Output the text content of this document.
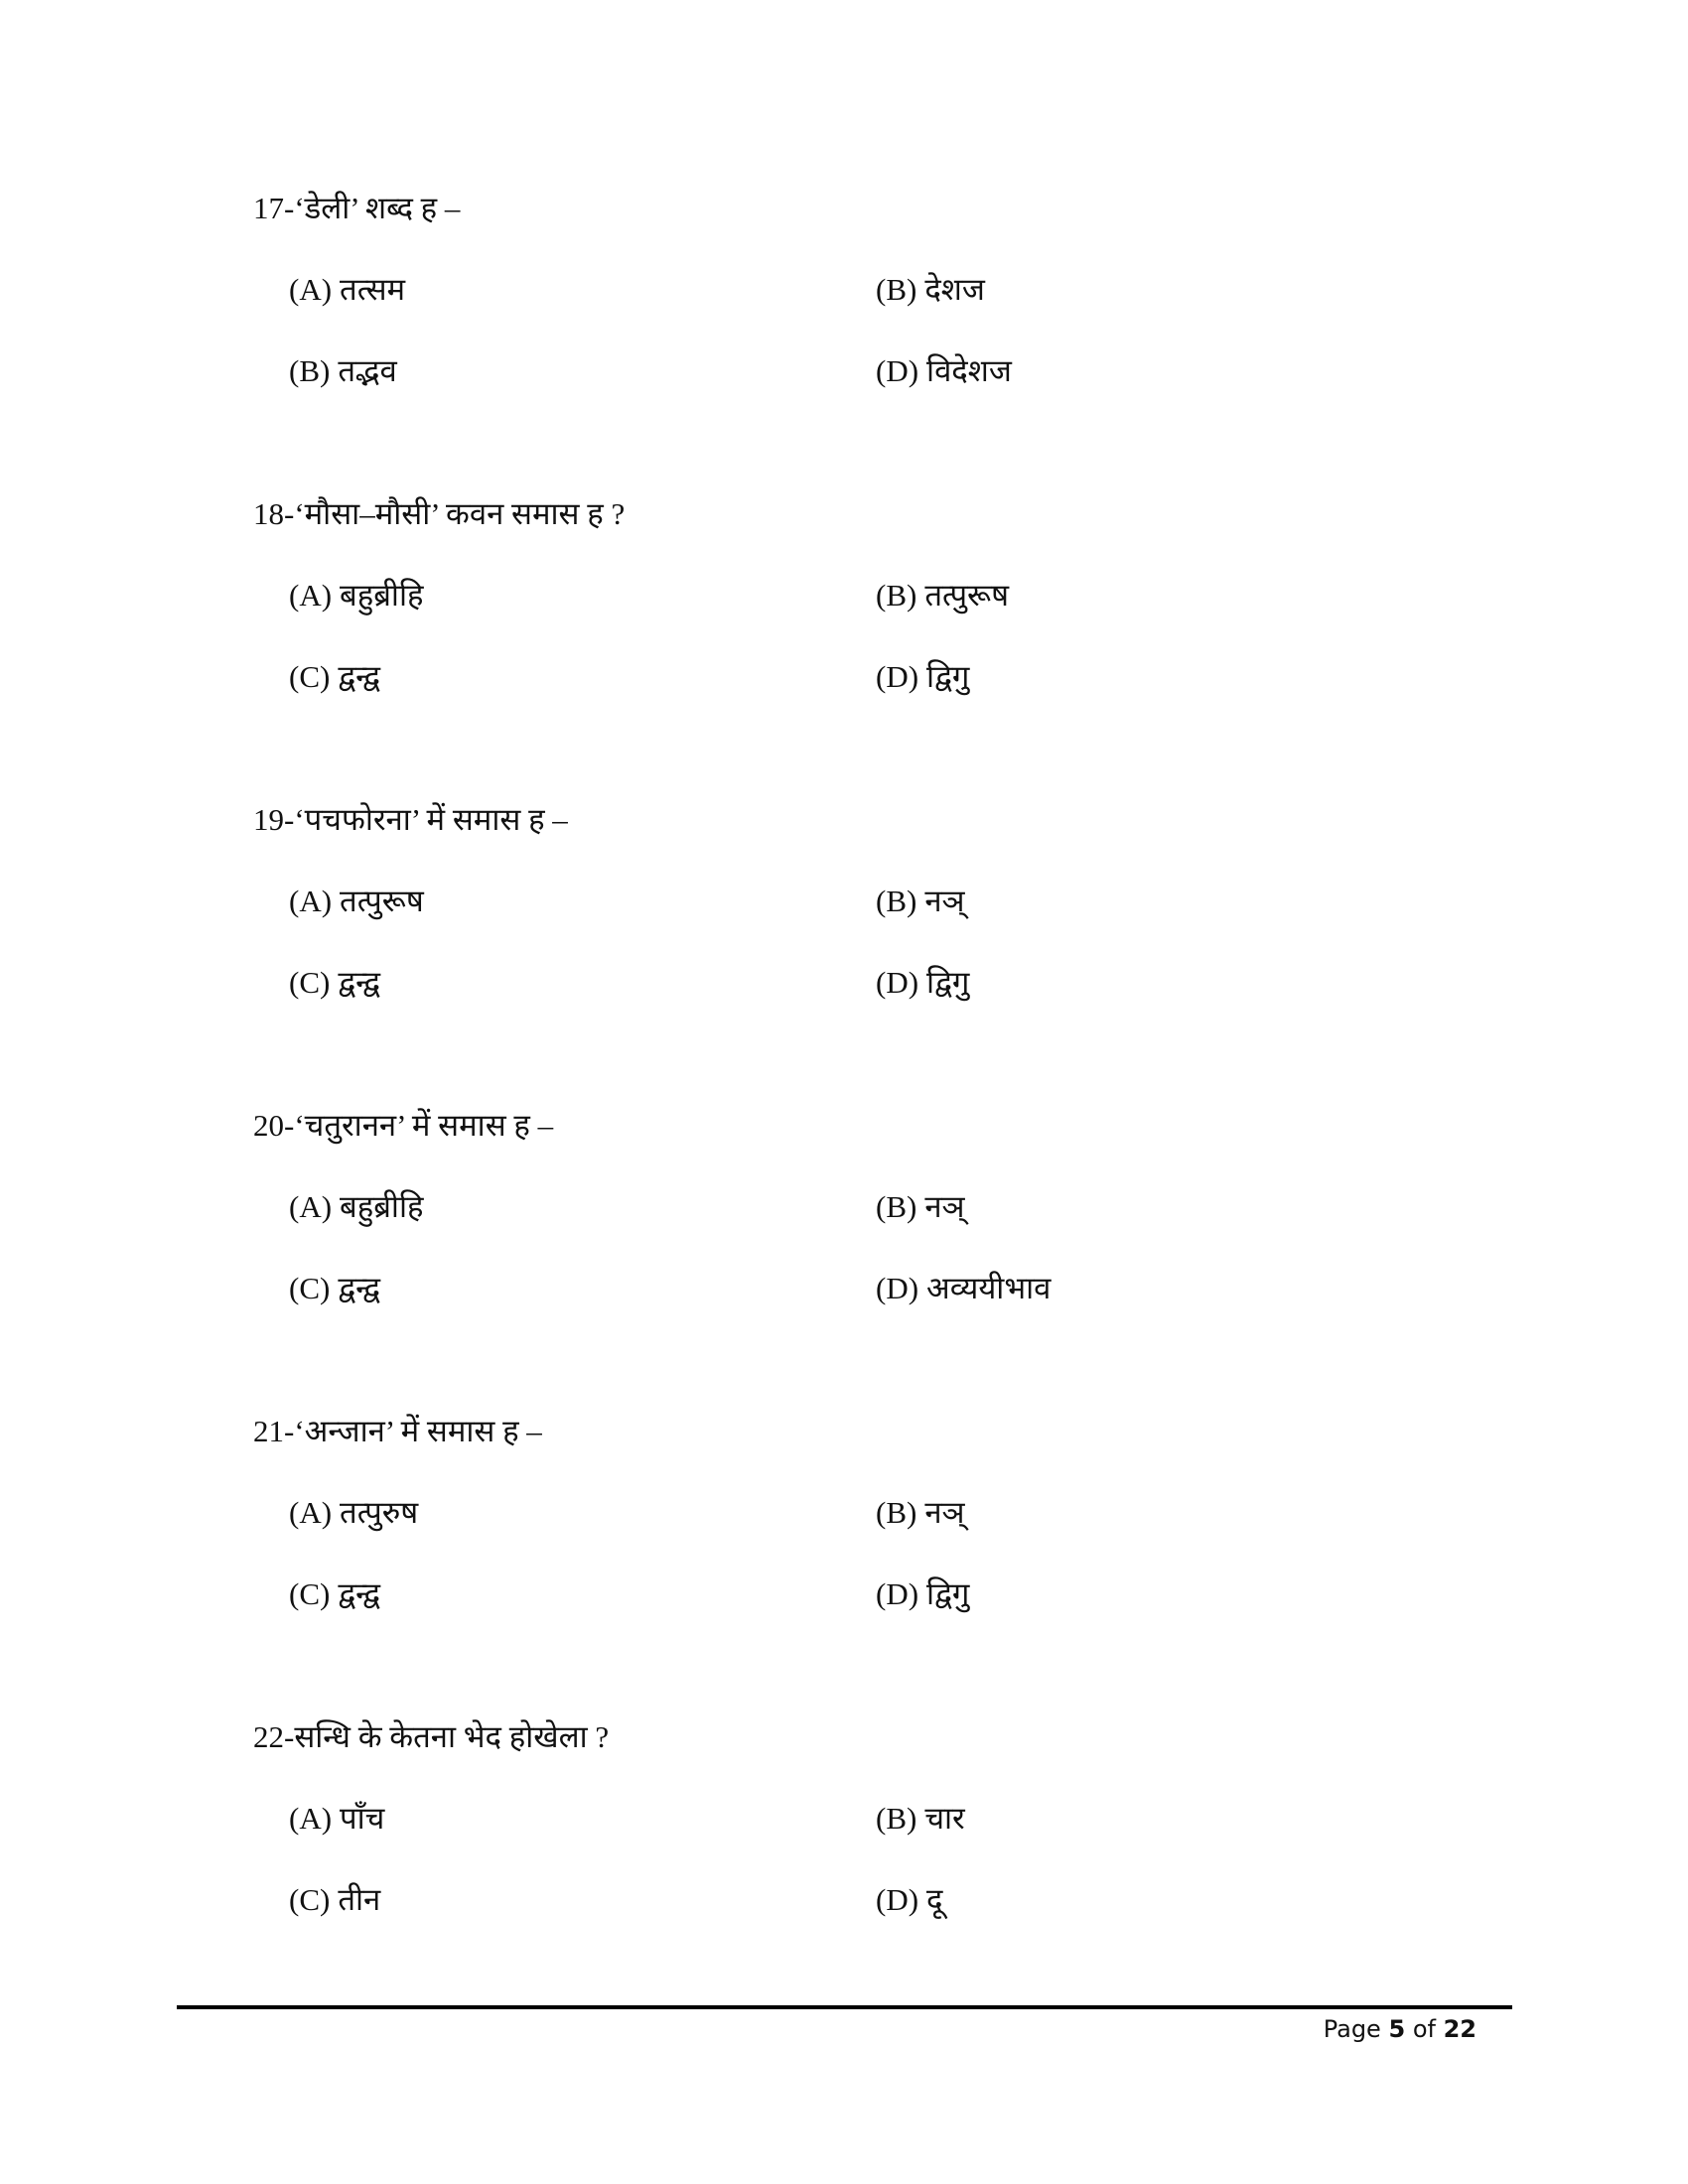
17-‘डेली’ शब्द ह –
(A) तत्सम	(B) देशज
(B) तद्भव	(D) विदेशज
18-‘मौसा–मौसी’ कवन समास ह ?
(A) बहुब्रीहि	(B) तत्पुरूष
(C) द्वन्द्व	(D) द्विगु
19-‘पचफोरना’ में समास ह –
(A) तत्पुरूष	(B) नञ्
(C) द्वन्द्व	(D) द्विगु
20-‘चतुरानन’ में समास ह –
(A) बहुब्रीहि	(B) नञ्
(C) द्वन्द्व	(D) अव्ययीभाव
21-‘अन्जान’ में समास ह –
(A) तत्पुरुष	(B) नञ्
(C) द्वन्द्व	(D) द्विगु
22-सन्धि के केतना भेद होखेला ?
(A) पाँच	(B) चार
(C) तीन	(D) दू
Page 5 of 22
